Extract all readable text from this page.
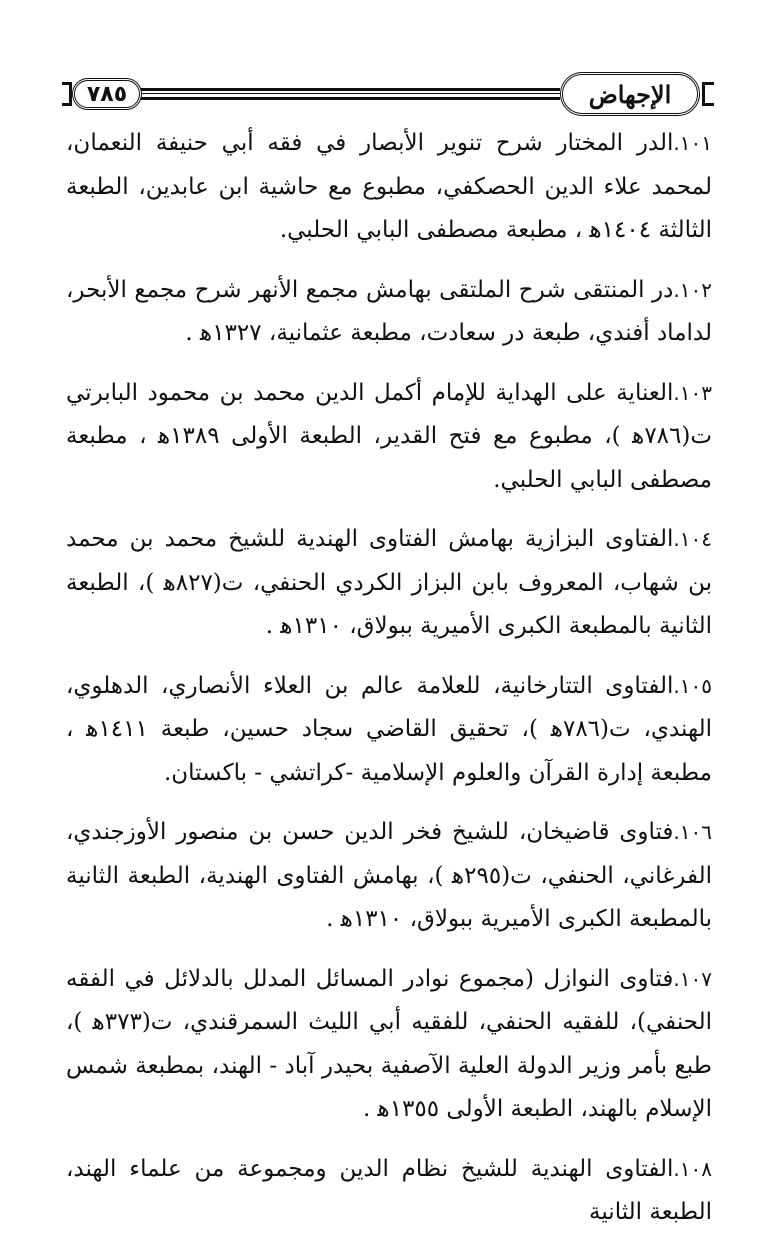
٧٨٥	الإجهاض

١٠١.الدر المختار شرح تنوير الأبصار في فقه أبي حنيفة النعمان، لمحمد علاء الدين الحصكفي، مطبوع مع حاشية ابن عابدين، الطبعة الثالثة ١٤٠٤ﻫ ، مطبعة مصطفى البابي الحلبي.

١٠٢.در المنتقى شرح الملتقى بهامش مجمع الأنهر شرح مجمع الأبحر، لداماد أفندي، طبعة در سعادت، مطبعة عثمانية، ١٣٢٧ﻫ .

١٠٣.العناية على الهداية للإمام أكمل الدين محمد بن محمود البابرتي ت(٧٨٦ﻫ )، مطبوع مع فتح القدير، الطبعة الأولى ١٣٨٩ﻫ ، مطبعة مصطفى البابي الحلبي.

١٠٤.الفتاوى البزازية بهامش الفتاوى الهندية للشيخ محمد بن محمد بن شهاب، المعروف بابن البزاز الكردي الحنفي، ت(٨٢٧ﻫ )، الطبعة الثانية بالمطبعة الكبرى الأميرية ببولاق، ١٣١٠ﻫ .

١٠٥.الفتاوى التتارخانية، للعلامة عالم بن العلاء الأنصاري، الدهلوي، الهندي، ت(٧٨٦ﻫ )، تحقيق القاضي سجاد حسين، طبعة ١٤١١ﻫ ، مطبعة إدارة القرآن والعلوم الإسلامية -كراتشي - باكستان.

١٠٦.فتاوى قاضيخان، للشيخ فخر الدين حسن بن منصور الأوزجندي، الفرغاني، الحنفي، ت(٢٩٥ﻫ )، بهامش الفتاوى الهندية، الطبعة الثانية بالمطبعة الكبرى الأميرية ببولاق، ١٣١٠ﻫ .

١٠٧.فتاوى النوازل (مجموع نوادر المسائل المدلل بالدلائل في الفقه الحنفي)، للفقيه الحنفي، للفقيه أبي الليث السمرقندي، ت(٣٧٣ﻫ )، طبع بأمر وزير الدولة العلية الآصفية بحيدر آباد - الهند، بمطبعة شمس الإسلام بالهند، الطبعة الأولى ١٣٥٥ﻫ .

١٠٨.الفتاوى الهندية للشيخ نظام الدين ومجموعة من علماء الهند، الطبعة الثانية
